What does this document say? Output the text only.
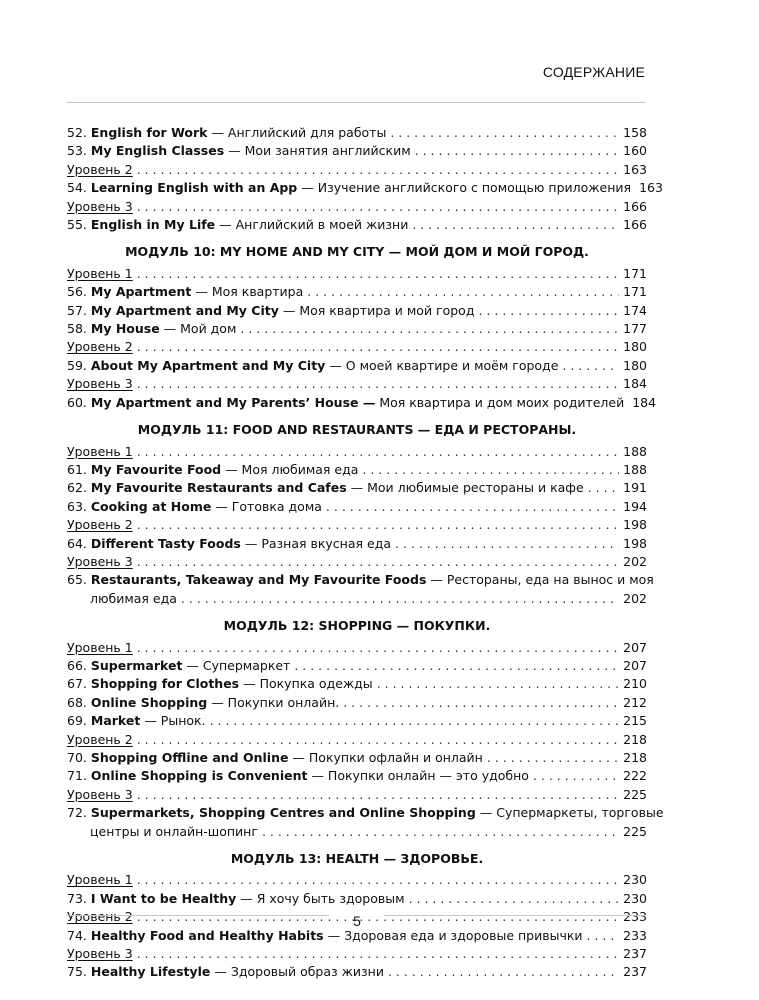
СОДЕРЖАНИЕ
52. English for Work — Английский для работы . . .	158
53. My English Classes — Мои занятия английским . . .	160
Уровень 2 . . .	163
54. Learning English with an App — Изучение английского с помощью приложения 163
Уровень 3 . . .	166
55. English in My Life — Английский в моей жизни . . .	166
МОДУЛЬ 10: MY HOME AND MY CITY — МОЙ ДОМ И МОЙ ГОРОД.
Уровень 1 . . .	171
56. My Apartment — Моя квартира . . .	171
57. My Apartment and My City — Моя квартира и мой город . . .	174
58. My House — Мой дом . . .	177
Уровень 2 . . .	180
59. About My Apartment and My City — О моей квартире и моём городе . . .	180
Уровень 3 . . .	184
60. My Apartment and My Parents’ House — Моя квартира и дом моих родителей 184
МОДУЛЬ 11: FOOD AND RESTAURANTS — ЕДА И РЕСТОРАНЫ.
Уровень 1 . . .	188
61. My Favourite Food — Моя любимая еда . . .	188
62. My Favourite Restaurants and Cafes — Мои любимые рестораны и кафе . . .	191
63. Cooking at Home — Готовка дома . . .	194
Уровень 2 . . .	198
64. Different Tasty Foods — Разная вкусная еда . . .	198
Уровень 3 . . .	202
65. Restaurants, Takeaway and My Favourite Foods — Рестораны, еда на вынос и моя
любимая еда . . .	202
МОДУЛЬ 12: SHOPPING — ПОКУПКИ.
Уровень 1 . . .	207
66. Supermarket — Супермаркет . . .	207
67. Shopping for Clothes — Покупка одежды . . .	210
68. Online Shopping — Покупки онлайн. . . .	212
69. Market — Рынок. . . .	215
Уровень 2 . . .	218
70. Shopping Offline and Online — Покупки офлайн и онлайн . . .	218
71. Online Shopping is Convenient — Покупки онлайн — это удобно . . .	222
Уровень 3 . . .	225
72. Supermarkets, Shopping Centres and Online Shopping — Супермаркеты, торговые
центры и онлайн-шопинг . . .	225
МОДУЛЬ 13: HEALTH — ЗДОРОВЬЕ.
Уровень 1 . . .	230
73. I Want to be Healthy — Я хочу быть здоровым . . .	230
Уровень 2 . . .	233
74. Healthy Food and Healthy Habits — Здоровая еда и здоровые привычки . . .	233
Уровень 3 . . .	237
75. Healthy Lifestyle — Здоровый образ жизни . . .	237
5
